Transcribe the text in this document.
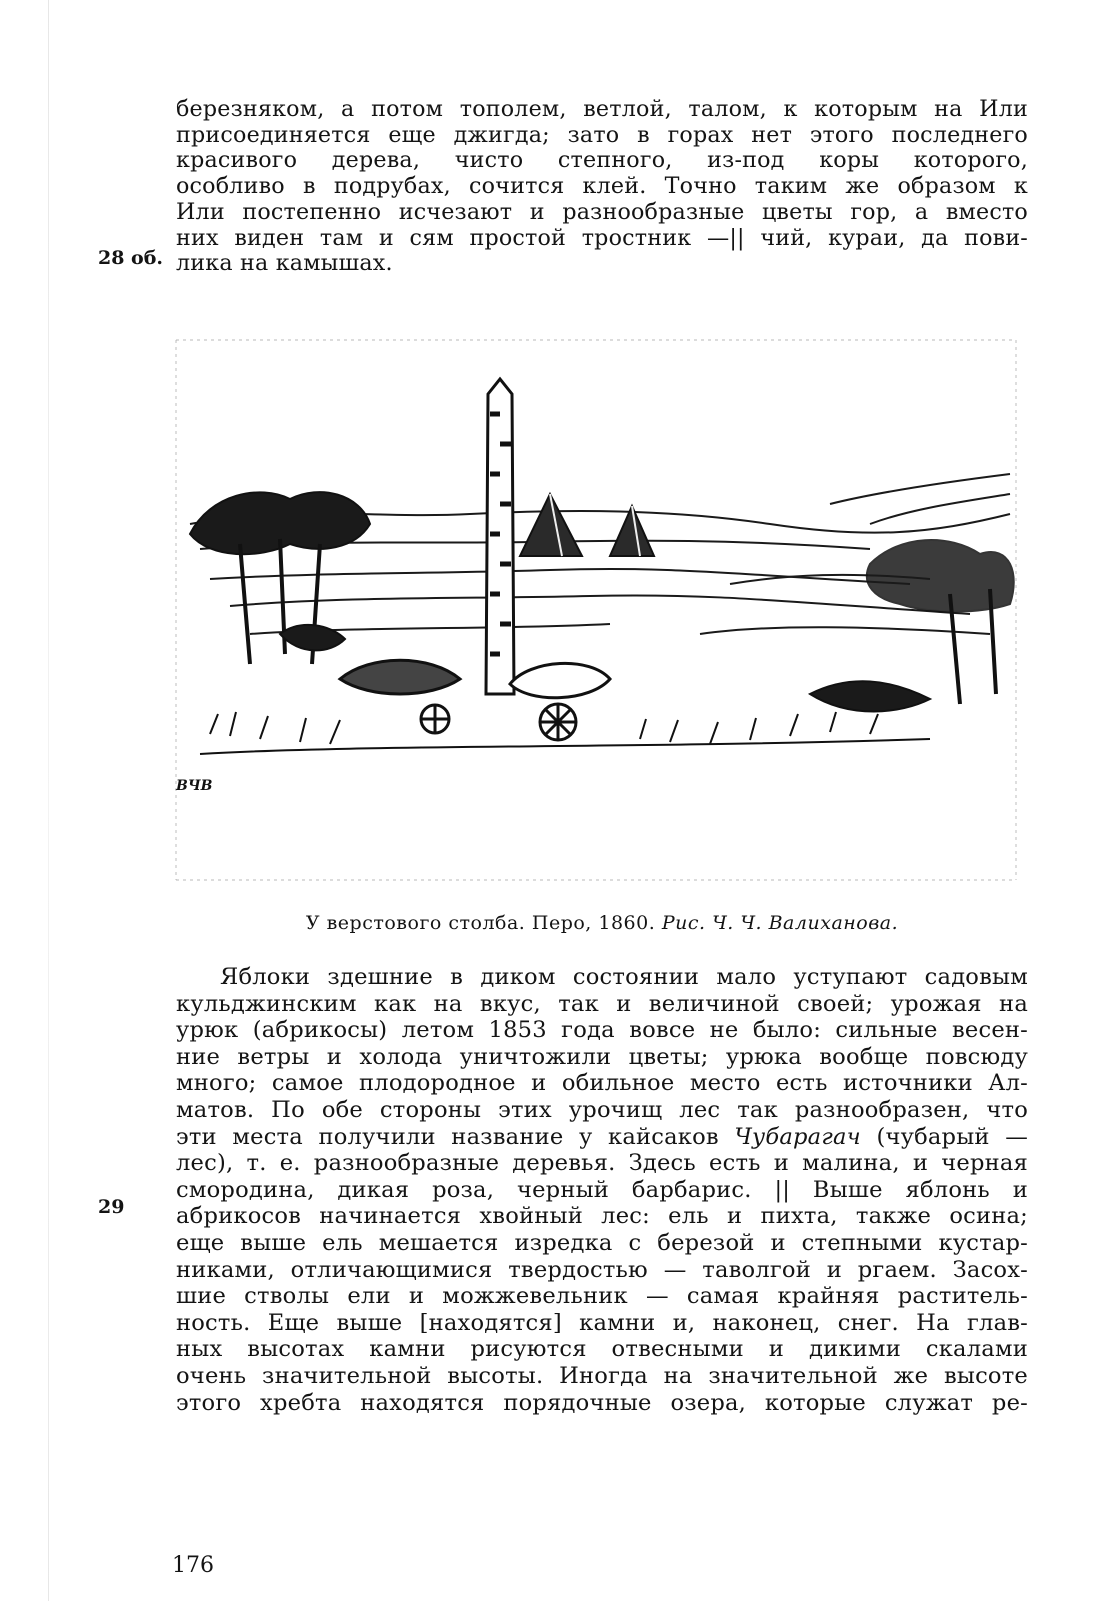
березняком, а потом тополем, ветлой, талом, к которым на Или
присоединяется еще джигда; зато в горах нет этого последнего
красивого дерева, чисто степного, из-под коры которого,
особливо в подрубах, сочится клей. Точно таким же образом к
Или постепенно исчезают и разнообразные цветы гор, а вместо
них виден там и сям простой тростник —|| чий, кураи, да пови-
лика на камышах.
28 об.
ВЧВ
У верстового столба. Перо, 1860. Рис. Ч. Ч. Валиханова.
Яблоки здешние в диком состоянии мало уступают садовым
кульджинским как на вкус, так и величиной своей; урожая на
урюк (абрикосы) летом 1853 года вовсе не было: сильные весен-
ние ветры и холода уничтожили цветы; урюка вообще повсюду
много; самое плодородное и обильное место есть источники Ал-
матов. По обе стороны этих урочищ лес так разнообразен, что
эти места получили название у кайсаков Чубарагач (чубарый —
лес), т. е. разнообразные деревья. Здесь есть и малина, и черная
смородина, дикая роза, черный барбарис. || Выше яблонь и
абрикосов начинается хвойный лес: ель и пихта, также осина;
еще выше ель мешается изредка с березой и степными кустар-
никами, отличающимися твердостью — таволгой и ргаем. Засох-
шие стволы ели и можжевельник — самая крайняя раститель-
ность. Еще выше [находятся] камни и, наконец, снег. На глав-
ных высотах камни рисуются отвесными и дикими скалами
очень значительной высоты. Иногда на значительной же высоте
этого хребта находятся порядочные озера, которые служат ре-
29
176
